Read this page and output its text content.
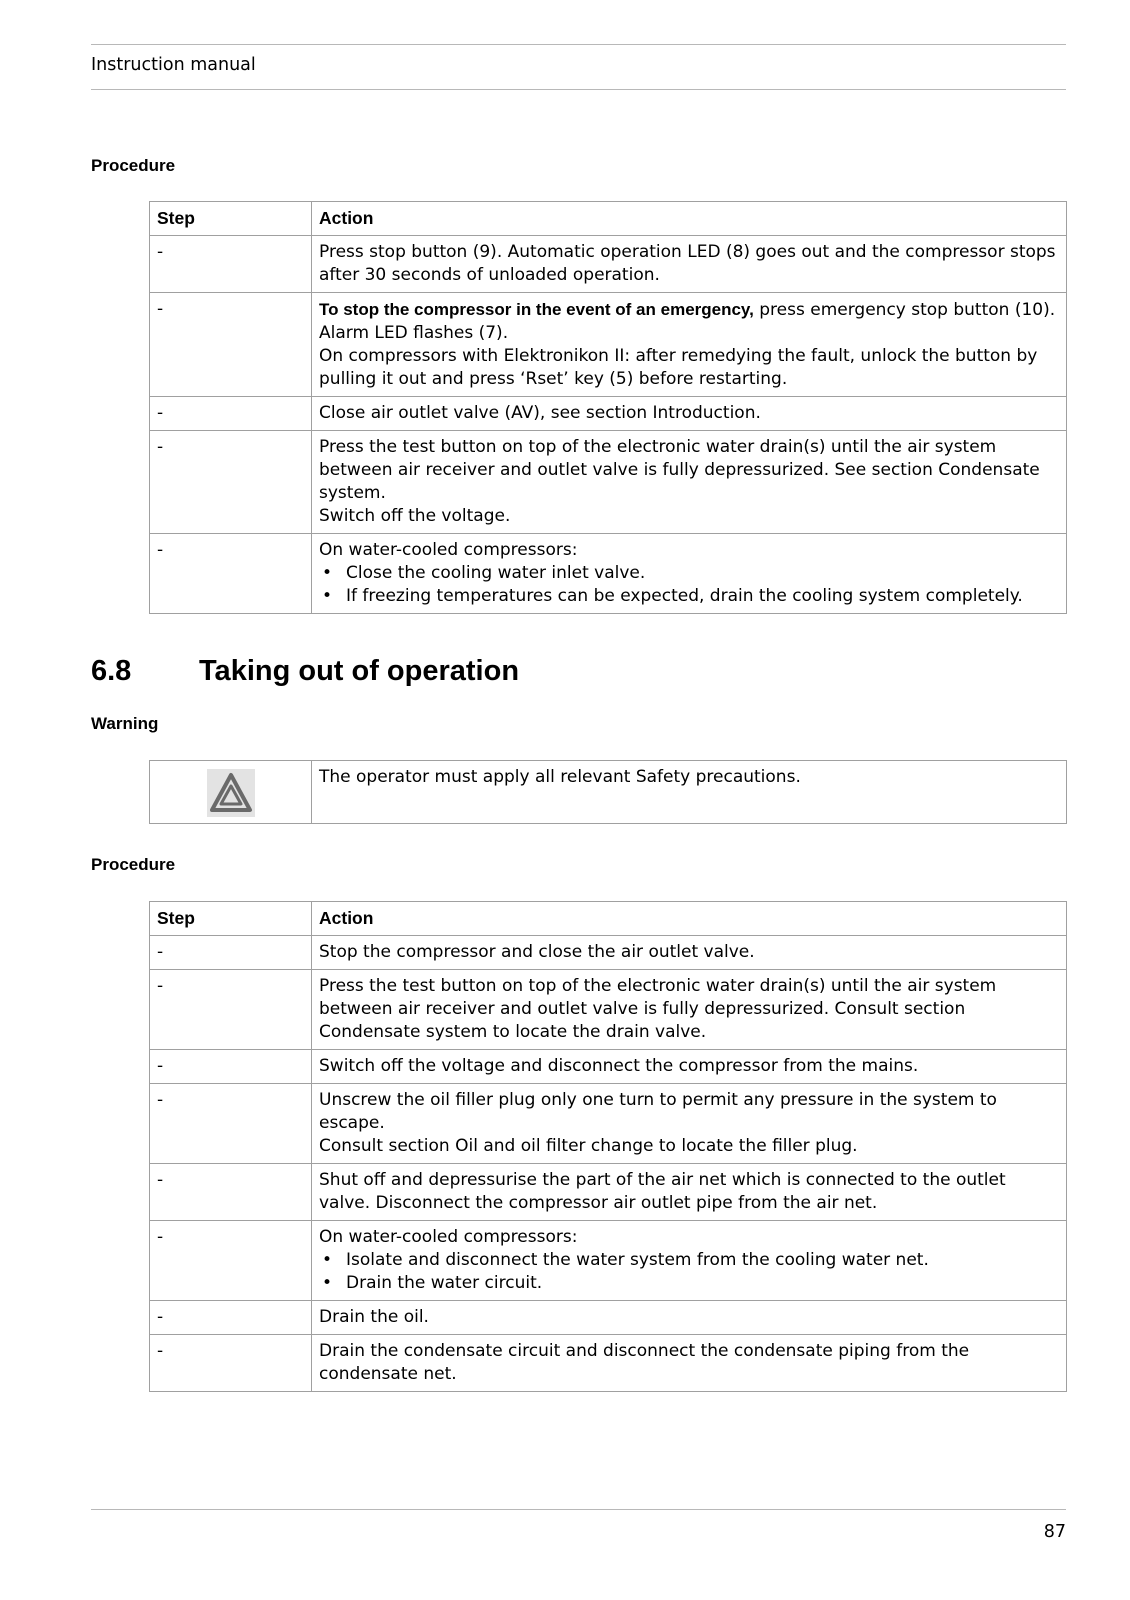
Instruction manual
Procedure
Step	Action
-	Press stop button (9). Automatic operation LED (8) goes out and the compressor stops after 30 seconds of unloaded operation.

-	To stop the compressor in the event of an emergency, press emergency stop button (10). Alarm LED flashes (7).
On compressors with Elektronikon II: after remedying the fault, unlock the button by pulling it out and press ‘Rset’ key (5) before restarting.

-	Close air outlet valve (AV), see section Introduction.

-	Press the test button on top of the electronic water drain(s) until the air system between air receiver and outlet valve is fully depressurized. See section Condensate system.
Switch off the voltage.

-	On water-cooled compressors:
• Close the cooling water inlet valve.
• If freezing temperatures can be expected, drain the cooling system completely.
6.8 Taking out of operation
Warning
	The operator must apply all relevant Safety precautions.
Procedure
Step	Action
-	Stop the compressor and close the air outlet valve.

-	Press the test button on top of the electronic water drain(s) until the air system between air receiver and outlet valve is fully depressurized. Consult section Condensate system to locate the drain valve.

-	Switch off the voltage and disconnect the compressor from the mains.

-	Unscrew the oil filler plug only one turn to permit any pressure in the system to escape.
Consult section Oil and oil filter change to locate the filler plug.

-	Shut off and depressurise the part of the air net which is connected to the outlet valve. Disconnect the compressor air outlet pipe from the air net.

-	On water-cooled compressors:
• Isolate and disconnect the water system from the cooling water net.
• Drain the water circuit.

-	Drain the oil.

-	Drain the condensate circuit and disconnect the condensate piping from the condensate net.
87
